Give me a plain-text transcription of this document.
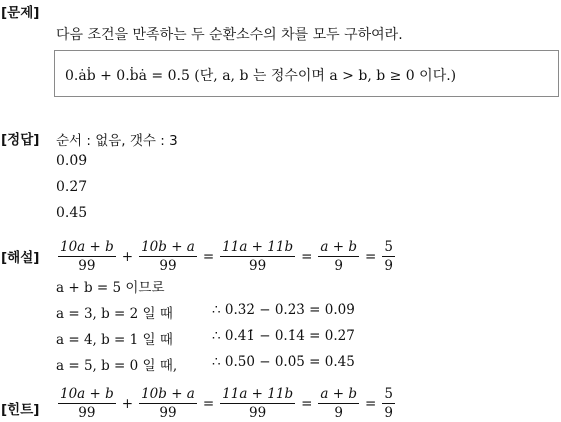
[문제]
다음 조건을 만족하는 두 순환소수의 차를 모두 구하여라.
0.ȧḃ + 0.ḃȧ = 0.5̇ (단, a, b 는 정수이며 a > b, b ≥ 0 이다.)
[정답] 순서 : 없음, 갯수 : 3
0.0̇9̇
0.2̇7̇
0.4̇5̇
[해설] $\frac{10a + b}{99} + \frac{10b + a}{99} = \frac{11a + 11b}{99} = \frac{a + b}{9} = \frac{5}{9}$
a + b = 5 이므로
a = 3, b = 2 일 때	∴ 0.3̇2̇ − 0.2̇3̇ = 0.0̇9̇
a = 4, b = 1 일 때	∴ 0.4̇1̇ − 0.1̇4̇ = 0.2̇7̇
a = 5, b = 0 일 때,	∴ 0.5̇0̇ − 0.0̇5̇ = 0.4̇5̇
[힌트] $\frac{10a + b}{99} + \frac{10b + a}{99} = \frac{11a + 11b}{99} = \frac{a + b}{9} = \frac{5}{9}$
